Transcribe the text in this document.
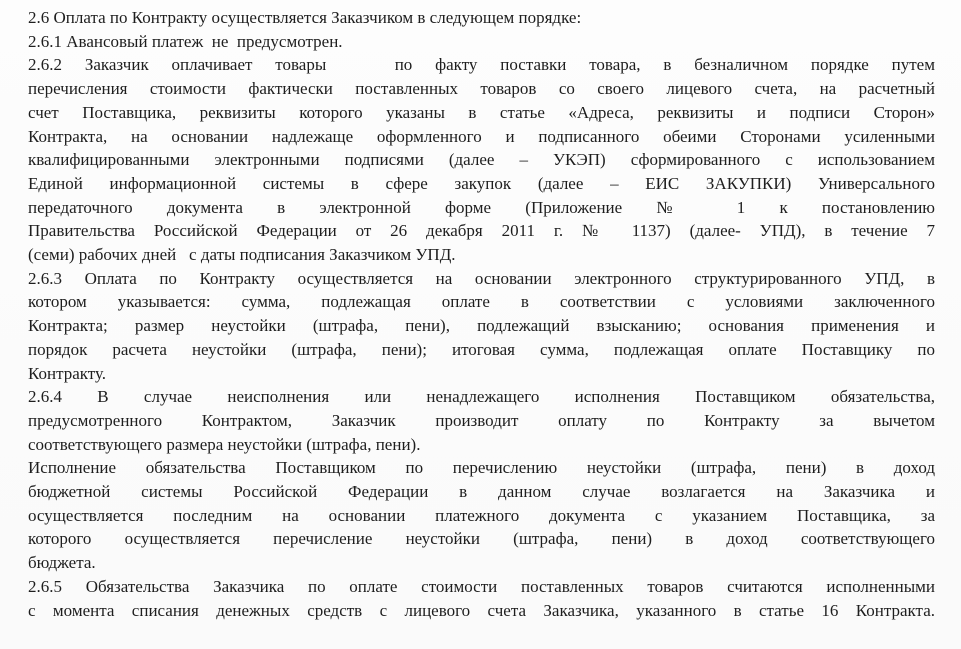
2.6 Оплата по Контракту осуществляется Заказчиком в следующем порядке:
2.6.1 Авансовый платеж  не  предусмотрен.
2.6.2 Заказчик оплачивает товары   по факту поставки товара, в безналичном порядке путем
перечисления стоимости фактически поставленных товаров со своего лицевого счета, на расчетный
счет Поставщика, реквизиты которого указаны в статье «Адреса, реквизиты и подписи Сторон»
Контракта, на основании надлежаще оформленного и подписанного обеими Сторонами усиленными
квалифицированными электронными подписями (далее – УКЭП) сформированного с использованием
Единой информационной системы в сфере закупок (далее – ЕИС ЗАКУПКИ) Универсального
передаточного документа в электронной форме (Приложение № 1 к постановлению
Правительства Российской Федерации от 26 декабря 2011 г. № 1137) (далее- УПД), в течение 7
(семи) рабочих дней   с даты подписания Заказчиком УПД.
2.6.3 Оплата по Контракту осуществляется на основании электронного структурированного УПД, в
котором указывается: сумма, подлежащая оплате в соответствии с условиями заключенного
Контракта; размер неустойки (штрафа, пени), подлежащий взысканию; основания применения и
порядок расчета неустойки (штрафа, пени); итоговая сумма, подлежащая оплате Поставщику по
Контракту.
2.6.4 В случае неисполнения или ненадлежащего исполнения Поставщиком обязательства,
предусмотренного Контрактом, Заказчик производит оплату по Контракту за вычетом
соответствующего размера неустойки (штрафа, пени).
Исполнение обязательства Поставщиком по перечислению неустойки (штрафа, пени) в доход
бюджетной системы Российской Федерации в данном случае возлагается на Заказчика и
осуществляется последним на основании платежного документа с указанием Поставщика, за
которого осуществляется перечисление неустойки (штрафа, пени) в доход соответствующего
бюджета.
2.6.5 Обязательства Заказчика по оплате стоимости поставленных товаров считаются исполненными
с момента списания денежных средств с лицевого счета Заказчика, указанного в статье 16 Контракта.
